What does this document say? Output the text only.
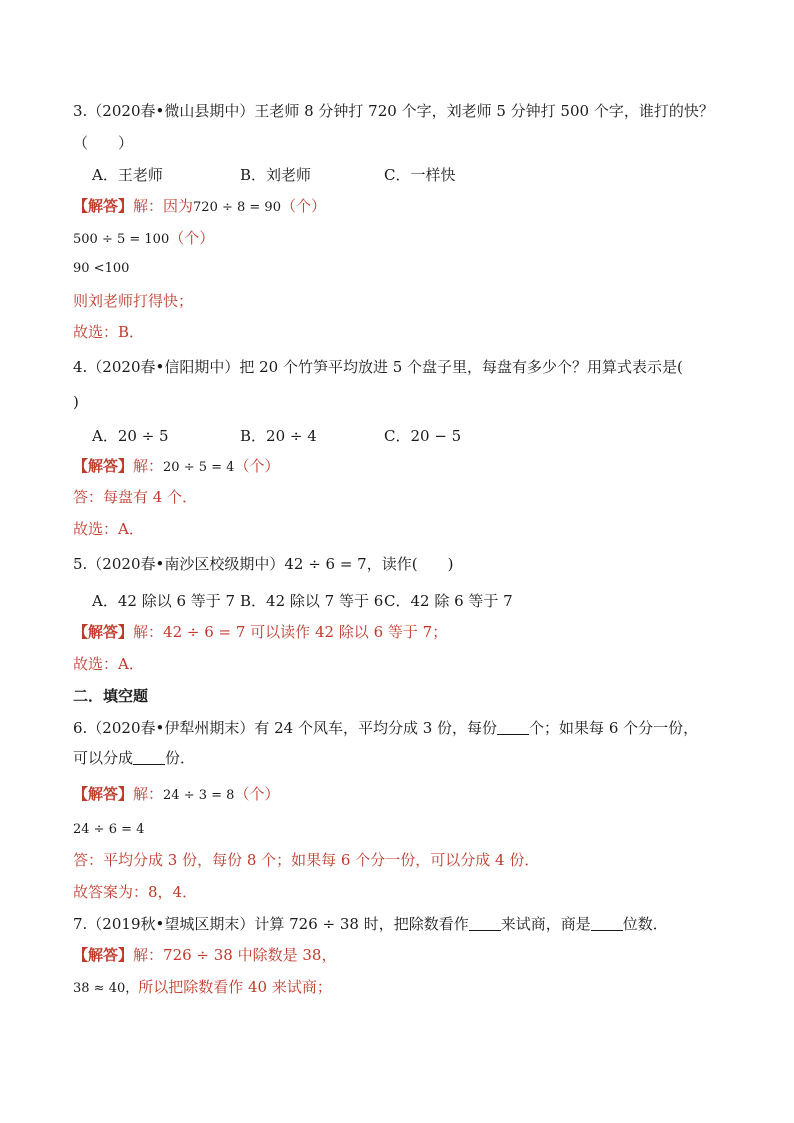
3.（2020春•微山县期中）王老师 8 分钟打 720 个字，刘老师 5 分钟打 500 个字，谁打的快？
（　　）
A．王老师	B．刘老师	C．一样快
【解答】解：因为720 ÷ 8 = 90（个）
500 ÷ 5 = 100（个）
90 <100
则刘老师打得快；
故选：B．
4.（2020春•信阳期中）把 20 个竹笋平均放进 5 个盘子里，每盘有多少个？用算式表示是(
)
A．20 ÷ 5	B．20 ÷ 4	C．20 − 5
【解答】解：20 ÷ 5 = 4（个）
答：每盘有 4 个．
故选：A．
5.（2020春•南沙区校级期中）42 ÷ 6 = 7，读作(　　)
A．42 除以 6 等于 7 B．42 除以 7 等于 6C．42 除 6 等于 7
【解答】解：42 ÷ 6 = 7 可以读作 42 除以 6 等于 7；
故选：A．
二．填空题
6.（2020春•伊犁州期末）有 24 个风车，平均分成 3 份，每份 个；如果每 6 个分一份，
可以分成 份．
【解答】解：24 ÷ 3 = 8（个）
24 ÷ 6 = 4
答：平均分成 3 份，每份 8 个；如果每 6 个分一份，可以分成 4 份．
故答案为：8，4．
7.（2019秋•望城区期末）计算 726 ÷ 38 时，把除数看作 来试商，商是 位数．
【解答】解：726 ÷ 38 中除数是 38，
38 ≈ 40，所以把除数看作 40 来试商；
